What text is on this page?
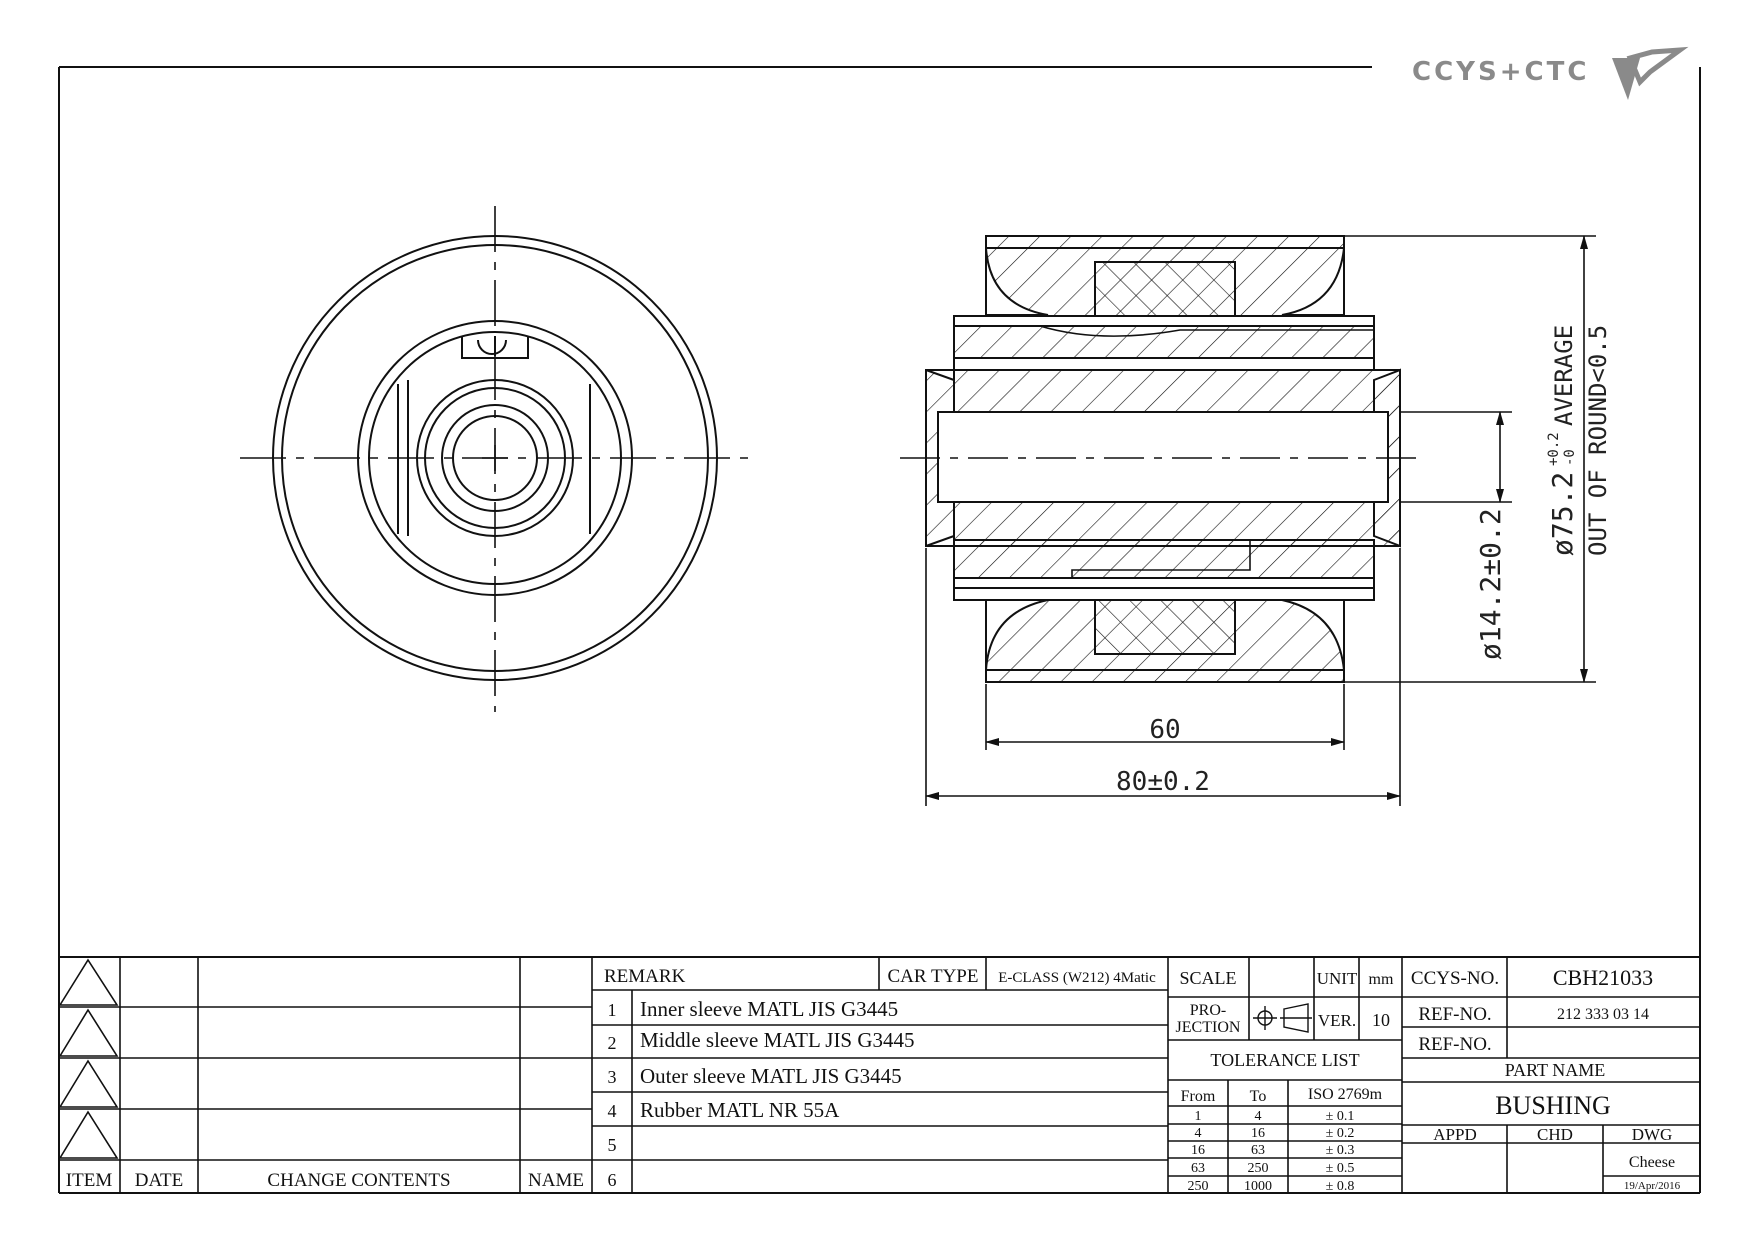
CCYS+CTC
60
80±0.2
ø14.2±0.2 ø75.2
+0.2 -0
AVERAGE OUT OF ROUND<0.5
ITEM DATE	CHANGE CONTENTS	NAME
REMARK	CAR TYPE E-CLASS (W212) 4Matic
1 Inner sleeve MATL JIS G3445
2 Middle sleeve MATL JIS G3445
3 Outer sleeve MATL JIS G3445
4 Rubber MATL NR 55A
5
6
SCALE	UNIT mm
PRO-
JECTION	VER. 10
TOLERANCE LIST
From To	ISO 2769m
1	4	± 0.1
4	16	± 0.2
16	63	± 0.3
63	250	± 0.5
250	1000	± 0.8
CCYS-NO. CBH21033
REF-NO.	212 333 03 14
REF-NO.
PART NAME
BUSHING
APPD	CHD	DWG
Cheese
19/Apr/2016
